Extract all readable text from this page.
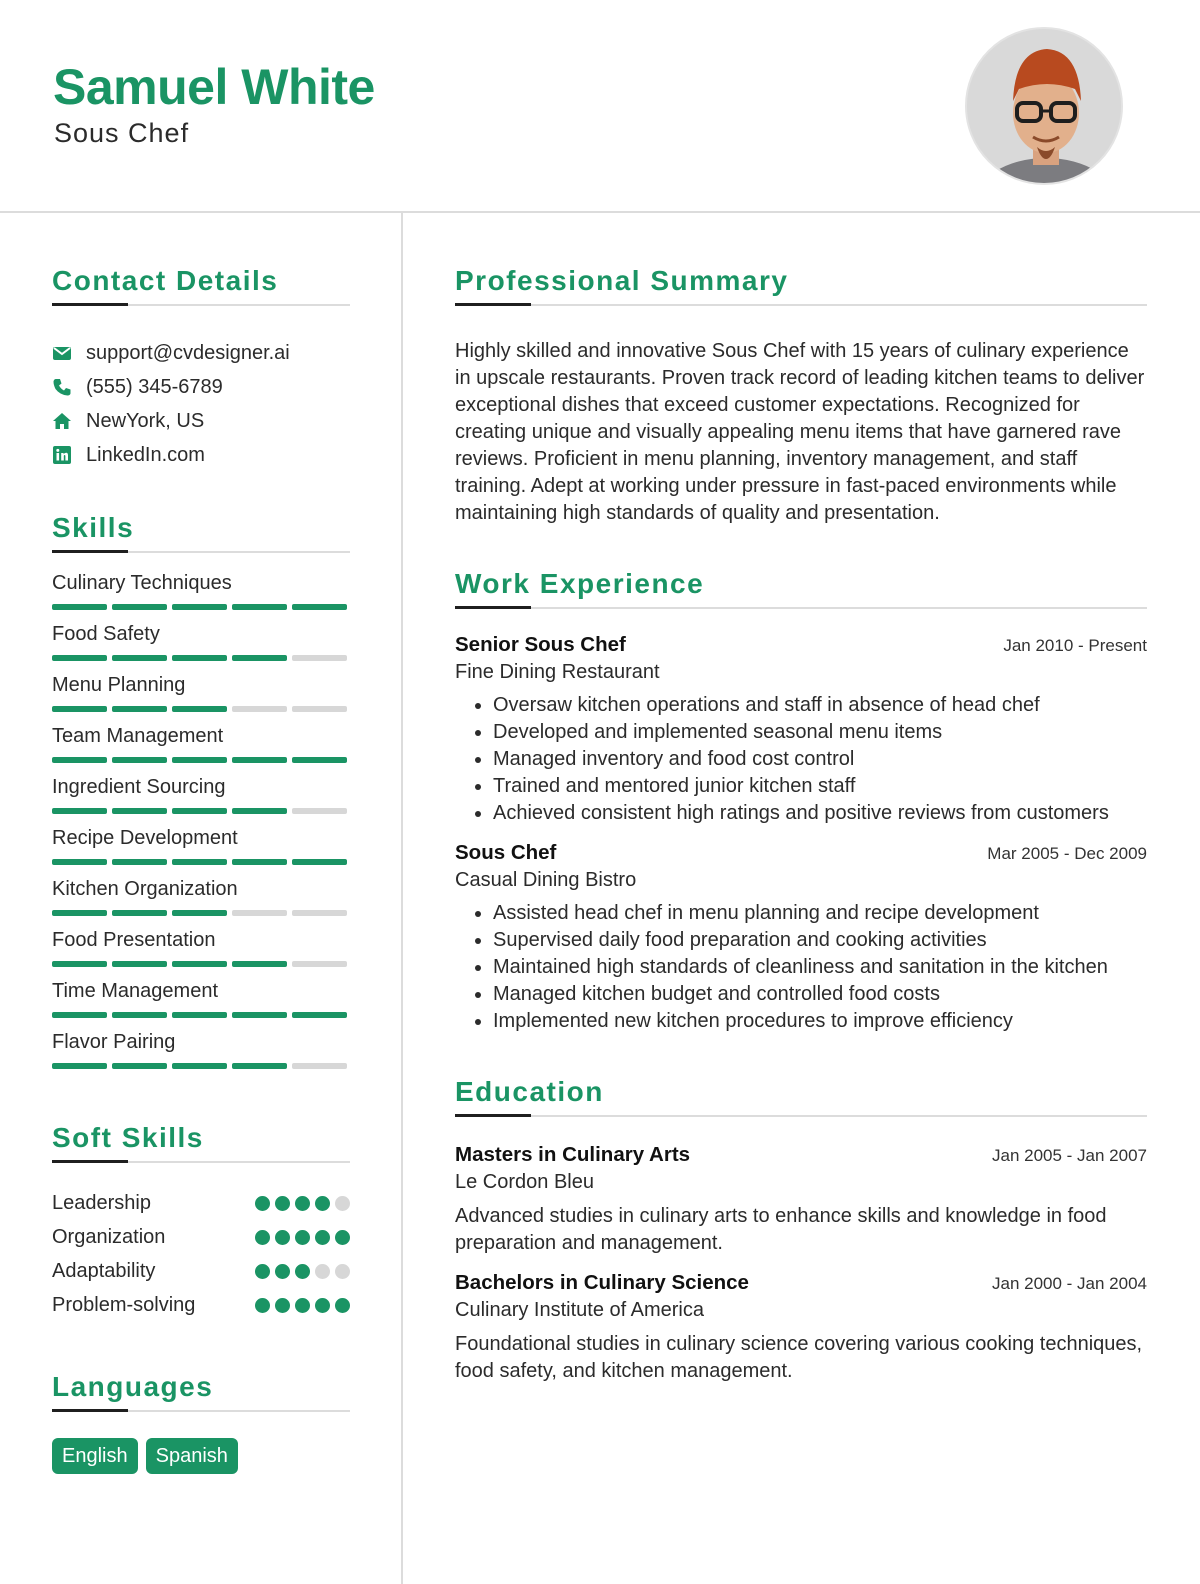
Samuel White
Sous Chef
Contact Details
support@cvdesigner.ai
(555) 345-6789
NewYork, US
LinkedIn.com
Skills
Culinary Techniques
Food Safety
Menu Planning
Team Management
Ingredient Sourcing
Recipe Development
Kitchen Organization
Food Presentation
Time Management
Flavor Pairing
Soft Skills
Leadership
Organization
Adaptability
Problem-solving
Languages
English	Spanish
Professional Summary

Highly skilled and innovative Sous Chef with 15 years of culinary experience in upscale restaurants. Proven track record of leading kitchen teams to deliver exceptional dishes that exceed customer expectations. Recognized for creating unique and visually appealing menu items that have garnered rave reviews. Proficient in menu planning, inventory management, and staff training. Adept at working under pressure in fast-paced environments while maintaining high standards of quality and presentation.

Work Experience
Senior Sous Chef	Jan 2010 - Present
Fine Dining Restaurant
• Oversaw kitchen operations and staff in absence of head chef
• Developed and implemented seasonal menu items
• Managed inventory and food cost control
• Trained and mentored junior kitchen staff
• Achieved consistent high ratings and positive reviews from customers
Sous Chef	Mar 2005 - Dec 2009
Casual Dining Bistro
• Assisted head chef in menu planning and recipe development
• Supervised daily food preparation and cooking activities
• Maintained high standards of cleanliness and sanitation in the kitchen
• Managed kitchen budget and controlled food costs
• Implemented new kitchen procedures to improve efficiency
Education
Masters in Culinary Arts	Jan 2005 - Jan 2007
Le Cordon Bleu

Advanced studies in culinary arts to enhance skills and knowledge in food preparation and management.

Bachelors in Culinary Science	Jan 2000 - Jan 2004
Culinary Institute of America

Foundational studies in culinary science covering various cooking techniques, food safety, and kitchen management.
